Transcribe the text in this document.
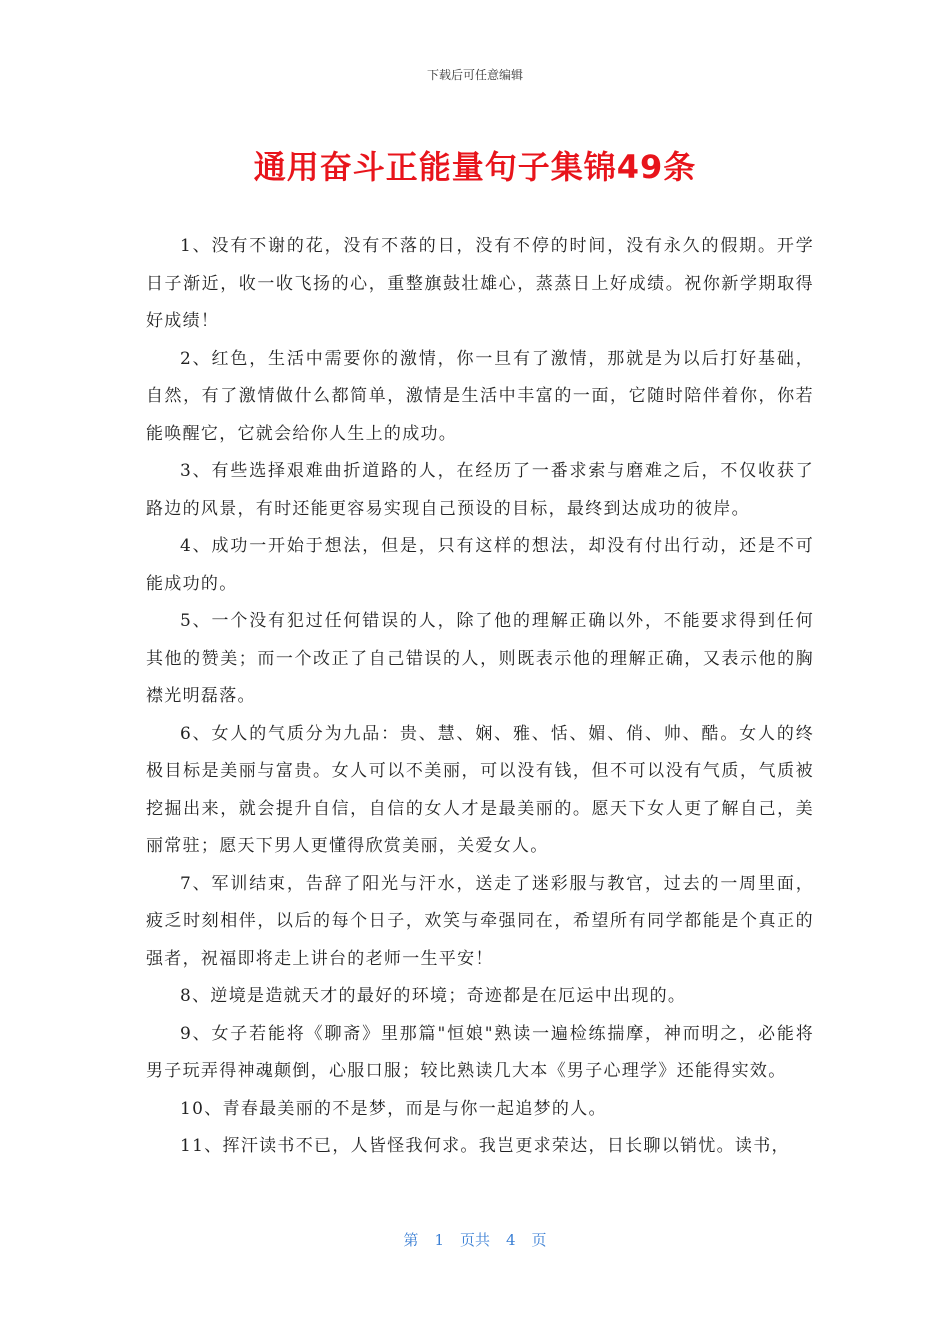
下载后可任意编辑
通用奋斗正能量句子集锦49条

1、没有不谢的花，没有不落的日，没有不停的时间，没有永久的假期。开学日子渐近，收一收飞扬的心，重整旗鼓壮雄心，蒸蒸日上好成绩。祝你新学期取得好成绩！

2、红色，生活中需要你的激情，你一旦有了激情，那就是为以后打好基础，自然，有了激情做什么都简单，激情是生活中丰富的一面，它随时陪伴着你，你若能唤醒它，它就会给你人生上的成功。

3、有些选择艰难曲折道路的人，在经历了一番求索与磨难之后，不仅收获了路边的风景，有时还能更容易实现自己预设的目标，最终到达成功的彼岸。

4、成功一开始于想法，但是，只有这样的想法，却没有付出行动，还是不可能成功的。

5、一个没有犯过任何错误的人，除了他的理解正确以外，不能要求得到任何其他的赞美；而一个改正了自己错误的人，则既表示他的理解正确，又表示他的胸襟光明磊落。

6、女人的气质分为九品：贵、慧、娴、雅、恬、媚、俏、帅、酷。女人的终极目标是美丽与富贵。女人可以不美丽，可以没有钱，但不可以没有气质，气质被挖掘出来，就会提升自信，自信的女人才是最美丽的。愿天下女人更了解自己，美丽常驻；愿天下男人更懂得欣赏美丽，关爱女人。

7、军训结束，告辞了阳光与汗水，送走了迷彩服与教官，过去的一周里面，疲乏时刻相伴，以后的每个日子，欢笑与牵强同在，希望所有同学都能是个真正的强者，祝福即将走上讲台的老师一生平安！

8、逆境是造就天才的最好的环境；奇迹都是在厄运中出现的。

9、女子若能将《聊斋》里那篇"恒娘"熟读一遍检练揣摩，神而明之，必能将男子玩弄得神魂颠倒，心服口服；较比熟读几大本《男子心理学》还能得实效。

10、青春最美丽的不是梦，而是与你一起追梦的人。

11、挥汗读书不已，人皆怪我何求。我岂更求荣达，日长聊以销忧。读书，

第 1 页共 4 页
